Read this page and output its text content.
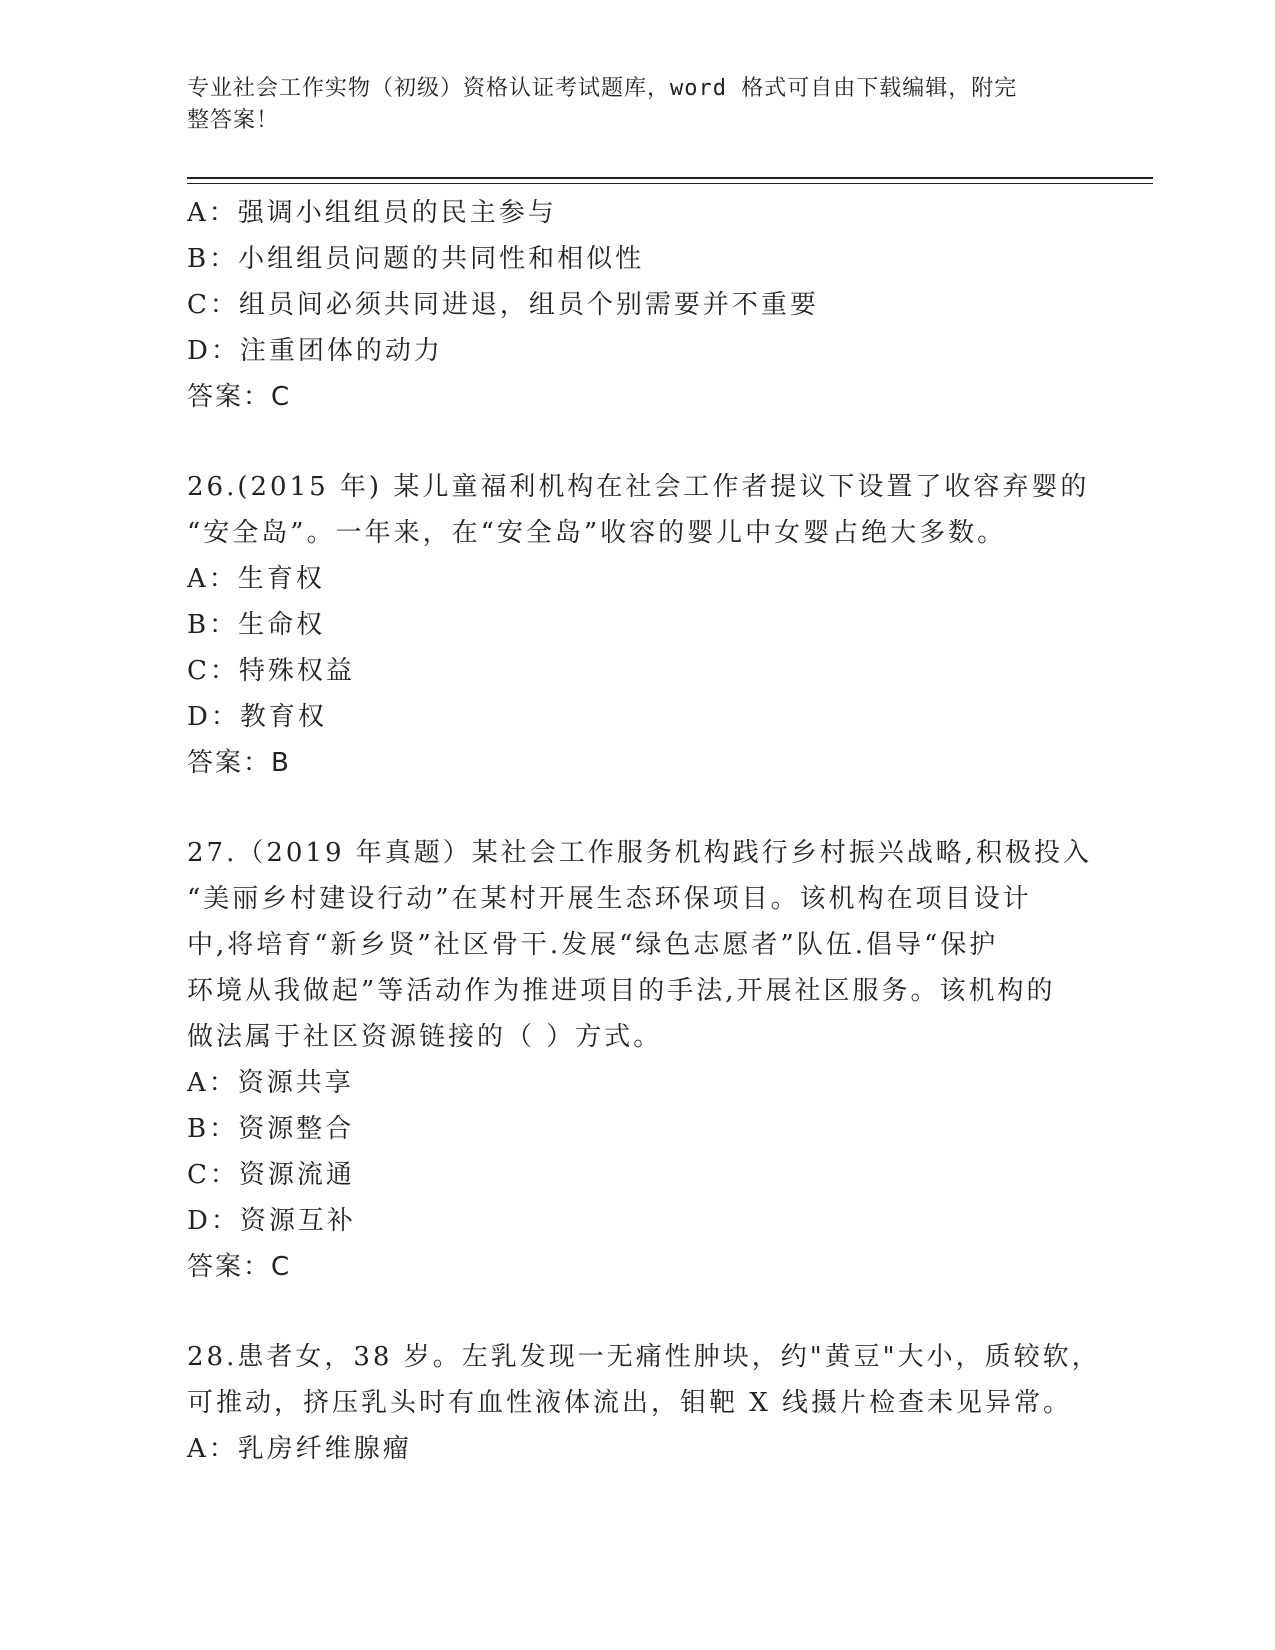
专业社会工作实物（初级）资格认证考试题库，word 格式可自由下载编辑，附完
整答案！
A：强调小组组员的民主参与
B：小组组员问题的共同性和相似性
C：组员间必须共同进退，组员个别需要并不重要
D：注重团体的动力
答案：C
26.(2015 年) 某儿童福利机构在社会工作者提议下设置了收容弃婴的
“安全岛”。一年来，在“安全岛”收容的婴儿中女婴占绝大多数。
A：生育权
B：生命权
C：特殊权益
D：教育权
答案：B
27.（2019 年真题）某社会工作服务机构践行乡村振兴战略,积极投入
“美丽乡村建设行动”在某村开展生态环保项目。该机构在项目设计
中,将培育“新乡贤”社区骨干.发展“绿色志愿者”队伍.倡导“保护
环境从我做起”等活动作为推进项目的手法,开展社区服务。该机构的
做法属于社区资源链接的（ ）方式。
A：资源共享
B：资源整合
C：资源流通
D：资源互补
答案：C
28.患者女，38 岁。左乳发现一无痛性肿块，约"黄豆"大小，质较软，
可推动，挤压乳头时有血性液体流出，钼靶 X 线摄片检查未见异常。
A：乳房纤维腺瘤
